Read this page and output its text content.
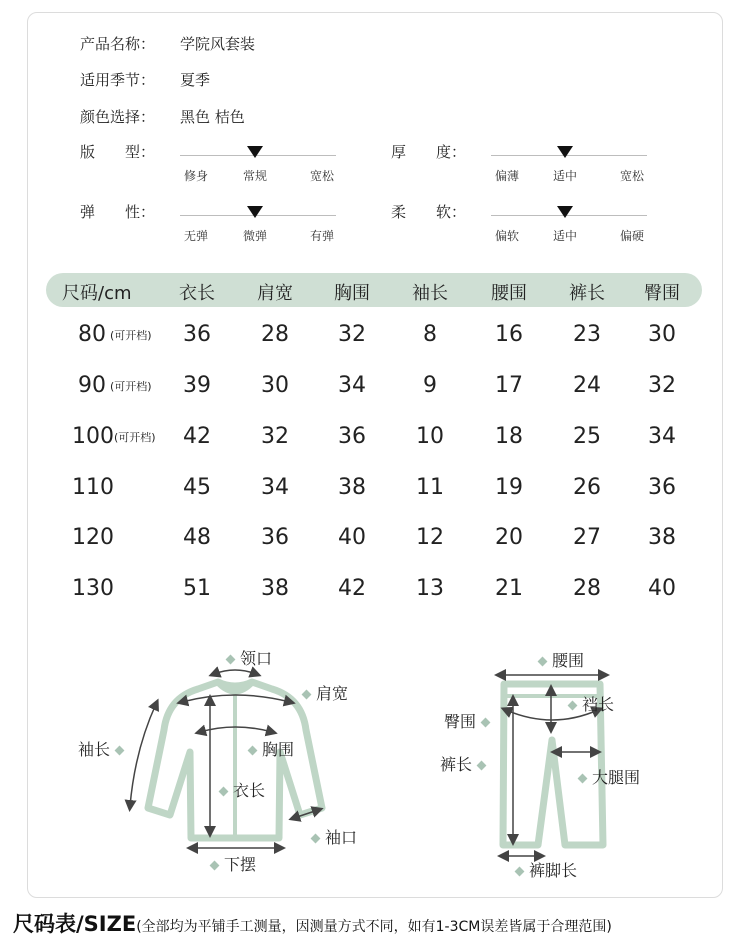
产品名称： 学院风套装
适用季节： 夏季
颜色选择： 黑色 桔色
版　　型：
修身	常规	宽松
厚　　度：
偏薄	适中	宽松
弹　　性：
无弹	微弹	有弹
柔　　软：
偏软	适中	偏硬
尺码/cm	衣长 肩宽 胸围 袖长 腰围 裤长 臀围
80 (可开档) 36 28 32	8	16 23 30
90 (可开档) 39 30 34	9	17 24 32
100(可开档) 42 32 36 10 18 25 34
110	45 34 38 11 19 26 36
120	48 36 40 12 20 27 38
130	51 38 42 13 21 28 40
领口
肩宽
袖长	胸围
衣长
袖口
下摆
腰围
裆长
臀围
裤长
大腿围
裤脚长
尺码表/SIZE(全部均为平铺手工测量，因测量方式不同，如有1-3CM误差皆属于合理范围)
